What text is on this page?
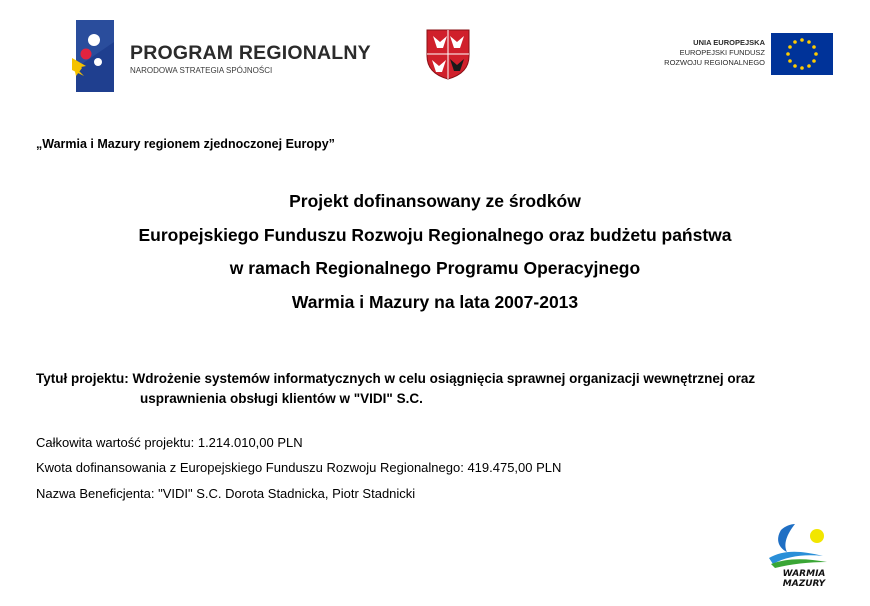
PROGRAM REGIONALNY
NARODOWA STRATEGIA SPÓJNOŚCI
UNIA EUROPEJSKA
EUROPEJSKI FUNDUSZ
ROZWOJU REGIONALNEGO
„Warmia i Mazury regionem zjednoczonej Europy”
Projekt dofinansowany ze środków
Europejskiego Funduszu Rozwoju Regionalnego oraz budżetu państwa
w ramach Regionalnego Programu Operacyjnego
Warmia i Mazury na lata 2007-2013
Tytuł projektu: Wdrożenie systemów informatycznych w celu osiągnięcia sprawnej organizacji wewnętrznej oraz
usprawnienia obsługi klientów w "VIDI" S.C.
Całkowita wartość projektu: 1.214.010,00 PLN
Kwota dofinansowania z Europejskiego Funduszu Rozwoju Regionalnego: 419.475,00 PLN
Nazwa Beneficjenta: "VIDI" S.C. Dorota Stadnicka, Piotr Stadnicki
WARMIA
MAZURY
